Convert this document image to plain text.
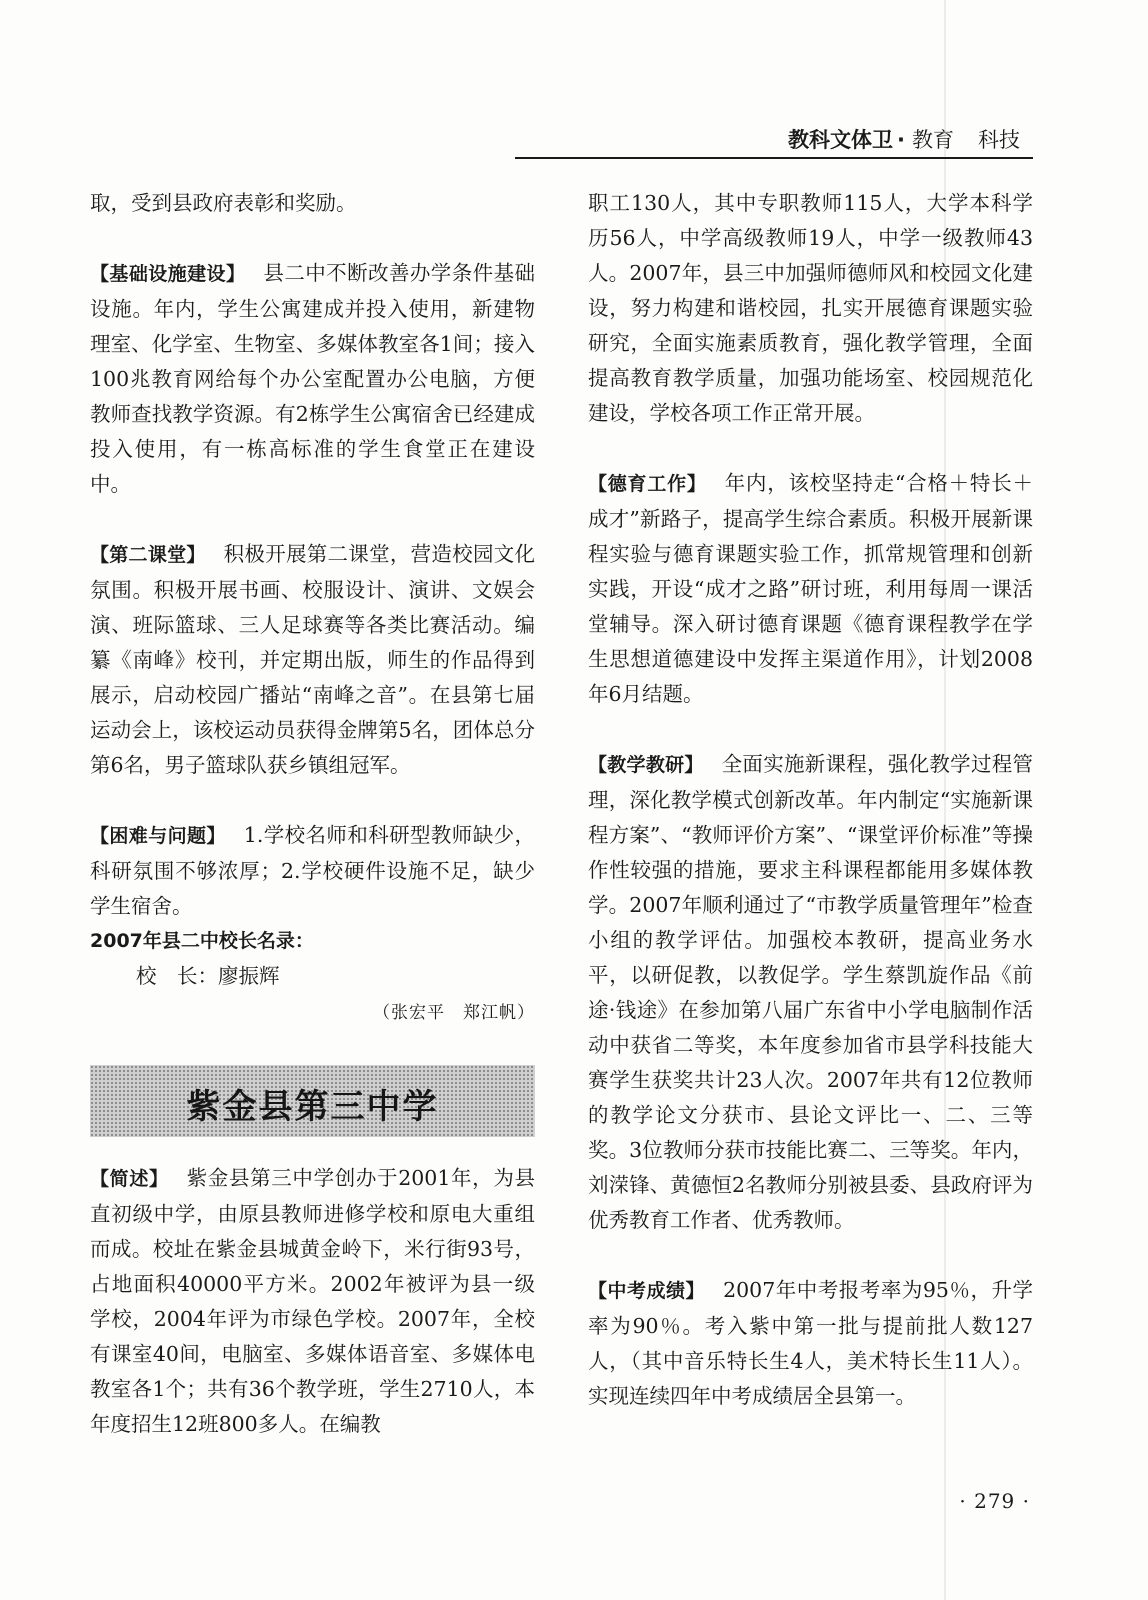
教科文体卫 · 教育　 科技

取，受到县政府表彰和奖励。

【基础设施建设】 县二中不断改善办学条件基础设施。年内，学生公寓建成并投入使用，新建物理室、化学室、生物室、多媒体教室各1间；接入100兆教育网给每个办公室配置办公电脑，方便教师查找教学资源。有2栋学生公寓宿舍已经建成投入使用，有一栋高标准的学生食堂正在建设中。

【第二课堂】 积极开展第二课堂，营造校园文化氛围。积极开展书画、校服设计、演讲、文娱会演、班际篮球、三人足球赛等各类比赛活动。编纂《南峰》校刊，并定期出版，师生的作品得到展示，启动校园广播站“南峰之音”。在县第七届运动会上，该校运动员获得金牌第5名，团体总分第6名，男子篮球队获乡镇组冠军。

【困难与问题】 1.学校名师和科研型教师缺少，科研氛围不够浓厚；2.学校硬件设施不足，缺少学生宿舍。

2007年县二中校长名录：

校　长：廖振辉

（张宏平　郑江帆）

紫金县第三中学

【简述】 紫金县第三中学创办于2001年，为县直初级中学，由原县教师进修学校和原电大重组而成。校址在紫金县城黄金岭下，米行街93号，占地面积40000平方米。2002年被评为县一级学校，2004年评为市绿色学校。2007年，全校有课室40间，电脑室、多媒体语音室、多媒体电教室各1个；共有36个教学班，学生2710人，本年度招生12班800多人。在编教

职工130人，其中专职教师115人，大学本科学历56人，中学高级教师19人，中学一级教师43人。2007年，县三中加强师德师风和校园文化建设，努力构建和谐校园，扎实开展德育课题实验研究，全面实施素质教育，强化教学管理，全面提高教育教学质量，加强功能场室、校园规范化建设，学校各项工作正常开展。

【德育工作】 年内，该校坚持走“合格＋特长＋成才”新路子，提高学生综合素质。积极开展新课程实验与德育课题实验工作，抓常规管理和创新实践，开设“成才之路”研讨班，利用每周一课活堂辅导。深入研讨德育课题《德育课程教学在学生思想道德建设中发挥主渠道作用》，计划2008年6月结题。

【教学教研】 全面实施新课程，强化教学过程管理，深化教学模式创新改革。年内制定“实施新课程方案”、“教师评价方案”、“课堂评价标准”等操作性较强的措施，要求主科课程都能用多媒体教学。2007年顺利通过了“市教学质量管理年”检查小组的教学评估。加强校本教研，提高业务水平，以研促教，以教促学。学生蔡凯旋作品《前途·钱途》在参加第八届广东省中小学电脑制作活动中获省二等奖，本年度参加省市县学科技能大赛学生获奖共计23人次。2007年共有12位教师的教学论文分获市、县论文评比一、二、三等奖。3位教师分获市技能比赛二、三等奖。年内，刘溁锋、黄德恒2名教师分别被县委、县政府评为优秀教育工作者、优秀教师。

【中考成绩】 2007年中考报考率为95％，升学率为90％。考入紫中第一批与提前批人数127人，（其中音乐特长生4人，美术特长生11人）。实现连续四年中考成绩居全县第一。

· 279 ·
